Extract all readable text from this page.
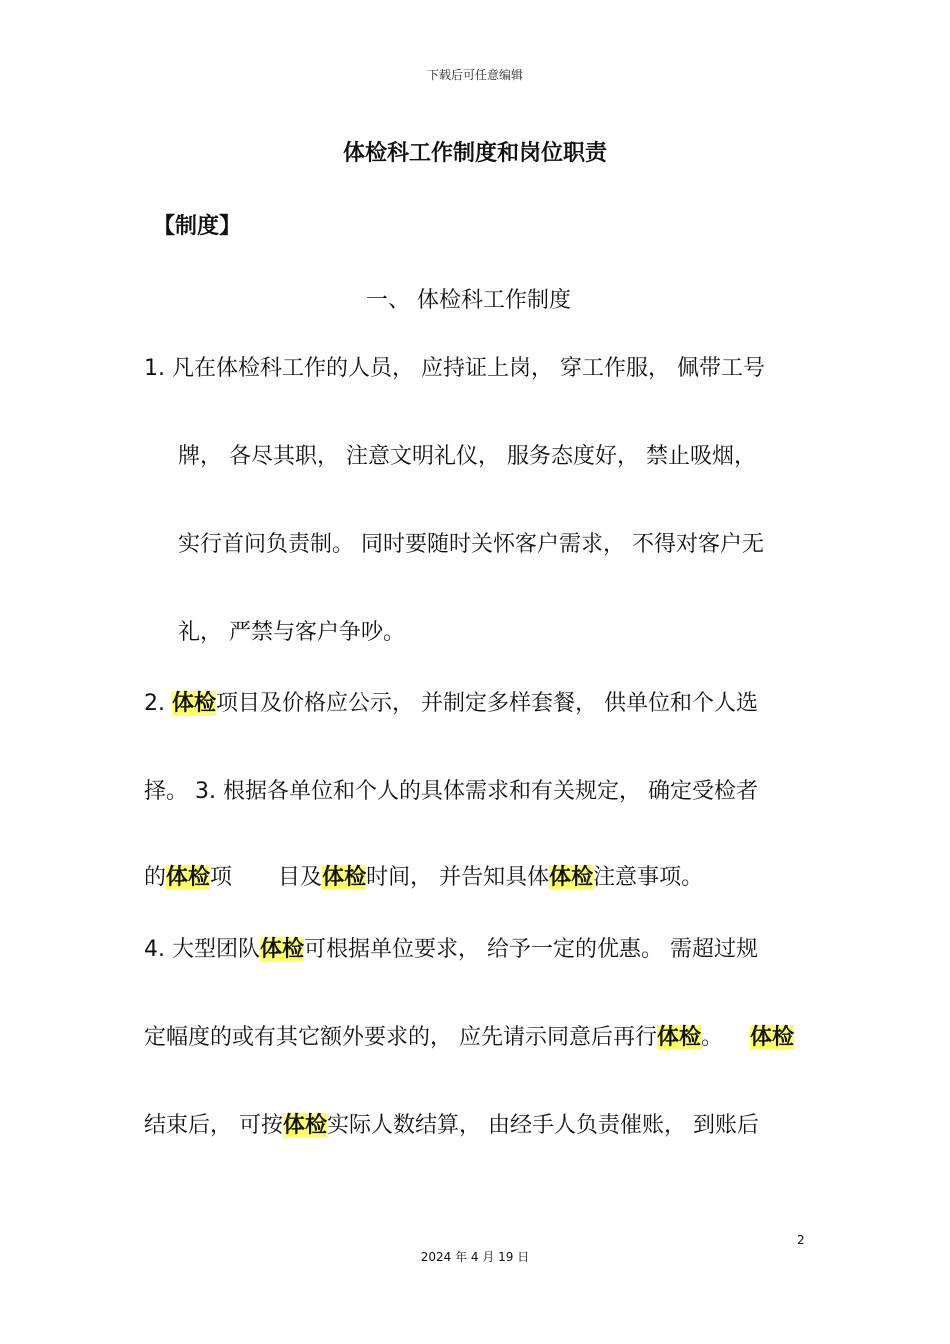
下载后可任意编辑
体检科工作制度和岗位职责
【制度】
一、 体检科工作制度
1. 凡在体检科工作的人员， 应持证上岗， 穿工作服， 佩带工号
牌， 各尽其职， 注意文明礼仪， 服务态度好， 禁止吸烟，
实行首问负责制。 同时要随时关怀客户需求， 不得对客户无
礼， 严禁与客户争吵。
2. 体检项目及价格应公示， 并制定多样套餐， 供单位和个人选
择。 3. 根据各单位和个人的具体需求和有关规定， 确定受检者
的体检项 目及体检时间， 并告知具体体检注意事项。
4. 大型团队体检可根据单位要求， 给予一定的优惠。 需超过规
定幅度的或有其它额外要求的， 应先请示同意后再行体检。 体检
结束后， 可按体检实际人数结算， 由经手人负责催账， 到账后
2
2024 年 4 月 19 日
